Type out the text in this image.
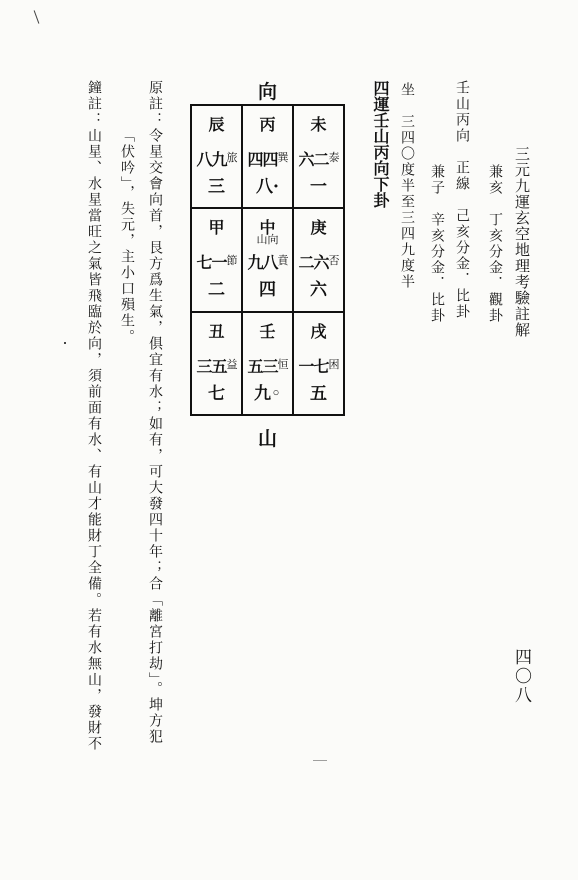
三元九運玄空地理考驗註解
四〇八
兼亥　丁亥分金．觀卦
壬山丙向　正線　己亥分金．比卦
兼子　辛亥分金．比卦
坐　三四〇度半至三四九度半
四運壬山丙向下卦
向
山
辰
八九$^旅$
三
丙
四四$^巽$
八·
未
六二$^泰$
一
甲
七一$^節$
二
中
山向
九八$^賁$
四
庚
二六$^否$
六
丑
三五$^益$
七
壬
五三$^恒$
九◦
戌
一七$^困$
五
原註：令星交會向首，艮方爲生氣，俱宜有水；如有，可大發四十年；合「離宮打劫」。坤方犯
「伏吟」，失元，主小口殞生。
鐘註：山星、水星當旺之氣皆飛臨於向，須前面有水、有山才能財丁全備。若有水無山，發財不
